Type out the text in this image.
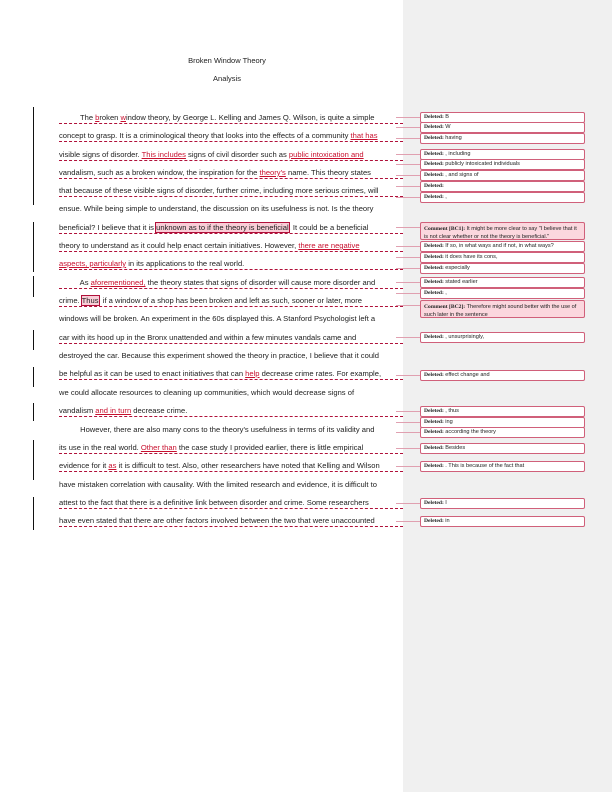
Broken Window Theory
Analysis
The broken window theory, by George L. Kelling and James Q. Wilson, is quite a simple
concept to grasp. It is a criminological theory that looks into the effects of a community that has
visible signs of disorder. This includes signs of civil disorder such as public intoxication and
vandalism, such as a broken window, the inspiration for the theory's name. This theory states
that because of these visible signs of disorder, further crime, including more serious crimes, will
ensue. While being simple to understand, the discussion on its usefulness is not. Is the theory
beneficial? I believe that it is unknown as to if the theory is beneficial. It could be a beneficial
theory to understand as it could help enact certain initiatives. However, there are negative
aspects, particularly in its applications to the real world.
As aforementioned, the theory states that signs of disorder will cause more disorder and
crime. Thus, if a window of a shop has been broken and left as such, sooner or later, more
windows will be broken. An experiment in the 60s displayed this. A Stanford Psychologist left a
car with its hood up in the Bronx unattended and within a few minutes vandals came and
destroyed the car. Because this experiment showed the theory in practice, I believe that it could
be helpful as it can be used to enact initiatives that can help decrease crime rates. For example,
we could allocate resources to cleaning up communities, which would decrease signs of
vandalism and in turn decrease crime.
However, there are also many cons to the theory's usefulness in terms of its validity and
its use in the real world. Other than the case study I provided earlier, there is little empirical
evidence for it as it is difficult to test. Also, other researchers have noted that Kelling and Wilson
have mistaken correlation with causality. With the limited research and evidence, it is difficult to
attest to the fact that there is a definitive link between disorder and crime. Some researchers
have even stated that there are other factors involved between the two that were unaccounted
Deleted: B
Deleted: W
Deleted: having
Deleted: , including
Deleted: publicly intoxicated individuals
Deleted: , and signs of
Deleted:
Deleted: ,
Comment [BC1]: It might be more clear to say "I believe that it is not clear whether or not the theory is beneficial."
Deleted: If so, in what ways and if not, in what ways?
Deleted: it does have its cons,
Deleted: especially
Deleted: stated earlier
Deleted: ,
Comment [BC2]: Therefore might sound better with the use of such later in the sentence
Deleted: , unsurprisingly,
Deleted: effect change and
Deleted: , thus
Deleted: ing
Deleted: according the theory
Deleted: Besides
Deleted: . This is because of the fact that
Deleted: I
Deleted: in
